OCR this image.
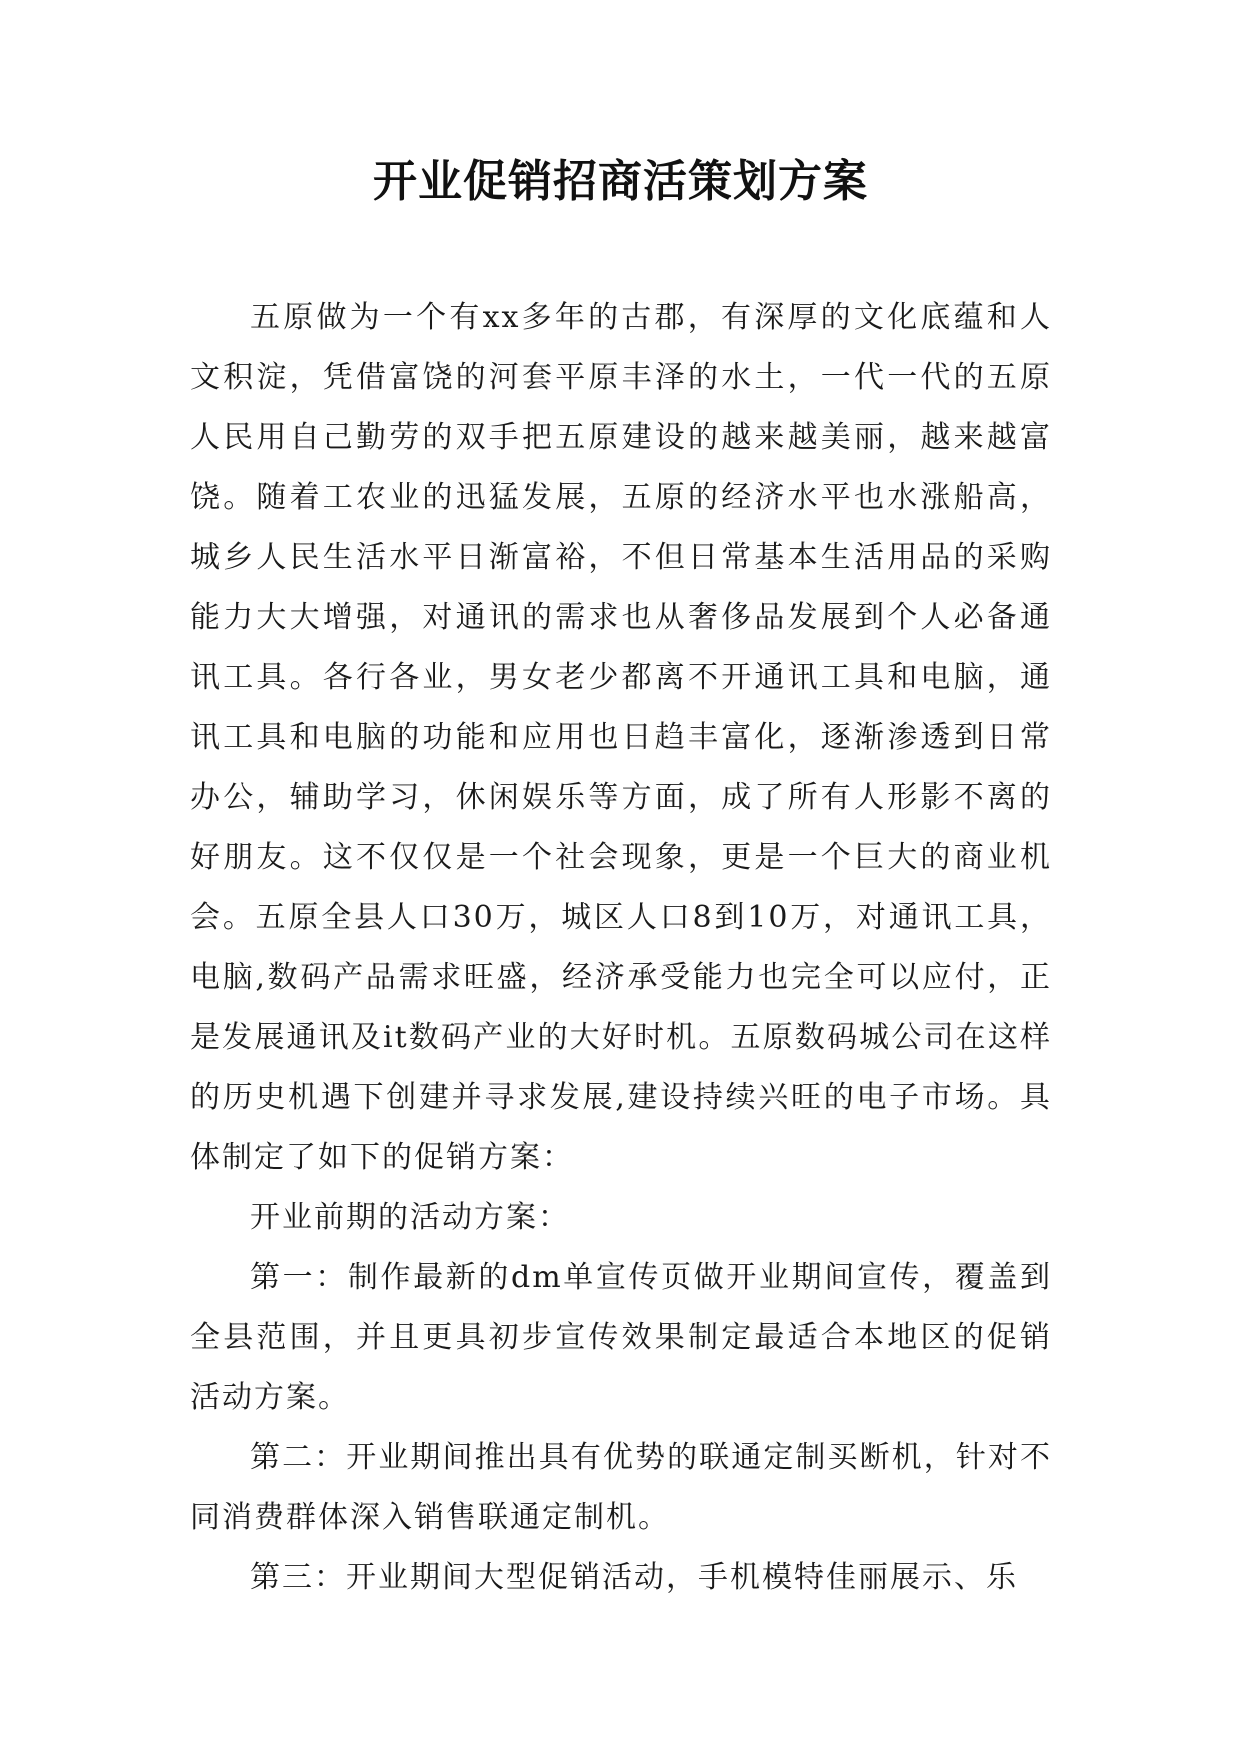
开业促销招商活策划方案

五原做为一个有xx多年的古郡，有深厚的文化底蕴和人文积淀，凭借富饶的河套平原丰泽的水土，一代一代的五原人民用自己勤劳的双手把五原建设的越来越美丽，越来越富饶。随着工农业的迅猛发展，五原的经济水平也水涨船高，城乡人民生活水平日渐富裕，不但日常基本生活用品的采购能力大大增强，对通讯的需求也从奢侈品发展到个人必备通讯工具。各行各业，男女老少都离不开通讯工具和电脑，通讯工具和电脑的功能和应用也日趋丰富化，逐渐渗透到日常办公，辅助学习，休闲娱乐等方面，成了所有人形影不离的好朋友。这不仅仅是一个社会现象，更是一个巨大的商业机会。五原全县人口30万，城区人口8到10万，对通讯工具，电脑,数码产品需求旺盛，经济承受能力也完全可以应付，正是发展通讯及it数码产业的大好时机。五原数码城公司在这样的历史机遇下创建并寻求发展,建设持续兴旺的电子市场。具体制定了如下的促销方案：

开业前期的活动方案：

第一：制作最新的dm单宣传页做开业期间宣传，覆盖到全县范围，并且更具初步宣传效果制定最适合本地区的促销活动方案。

第二：开业期间推出具有优势的联通定制买断机，针对不同消费群体深入销售联通定制机。

第三：开业期间大型促销活动，手机模特佳丽展示、乐
